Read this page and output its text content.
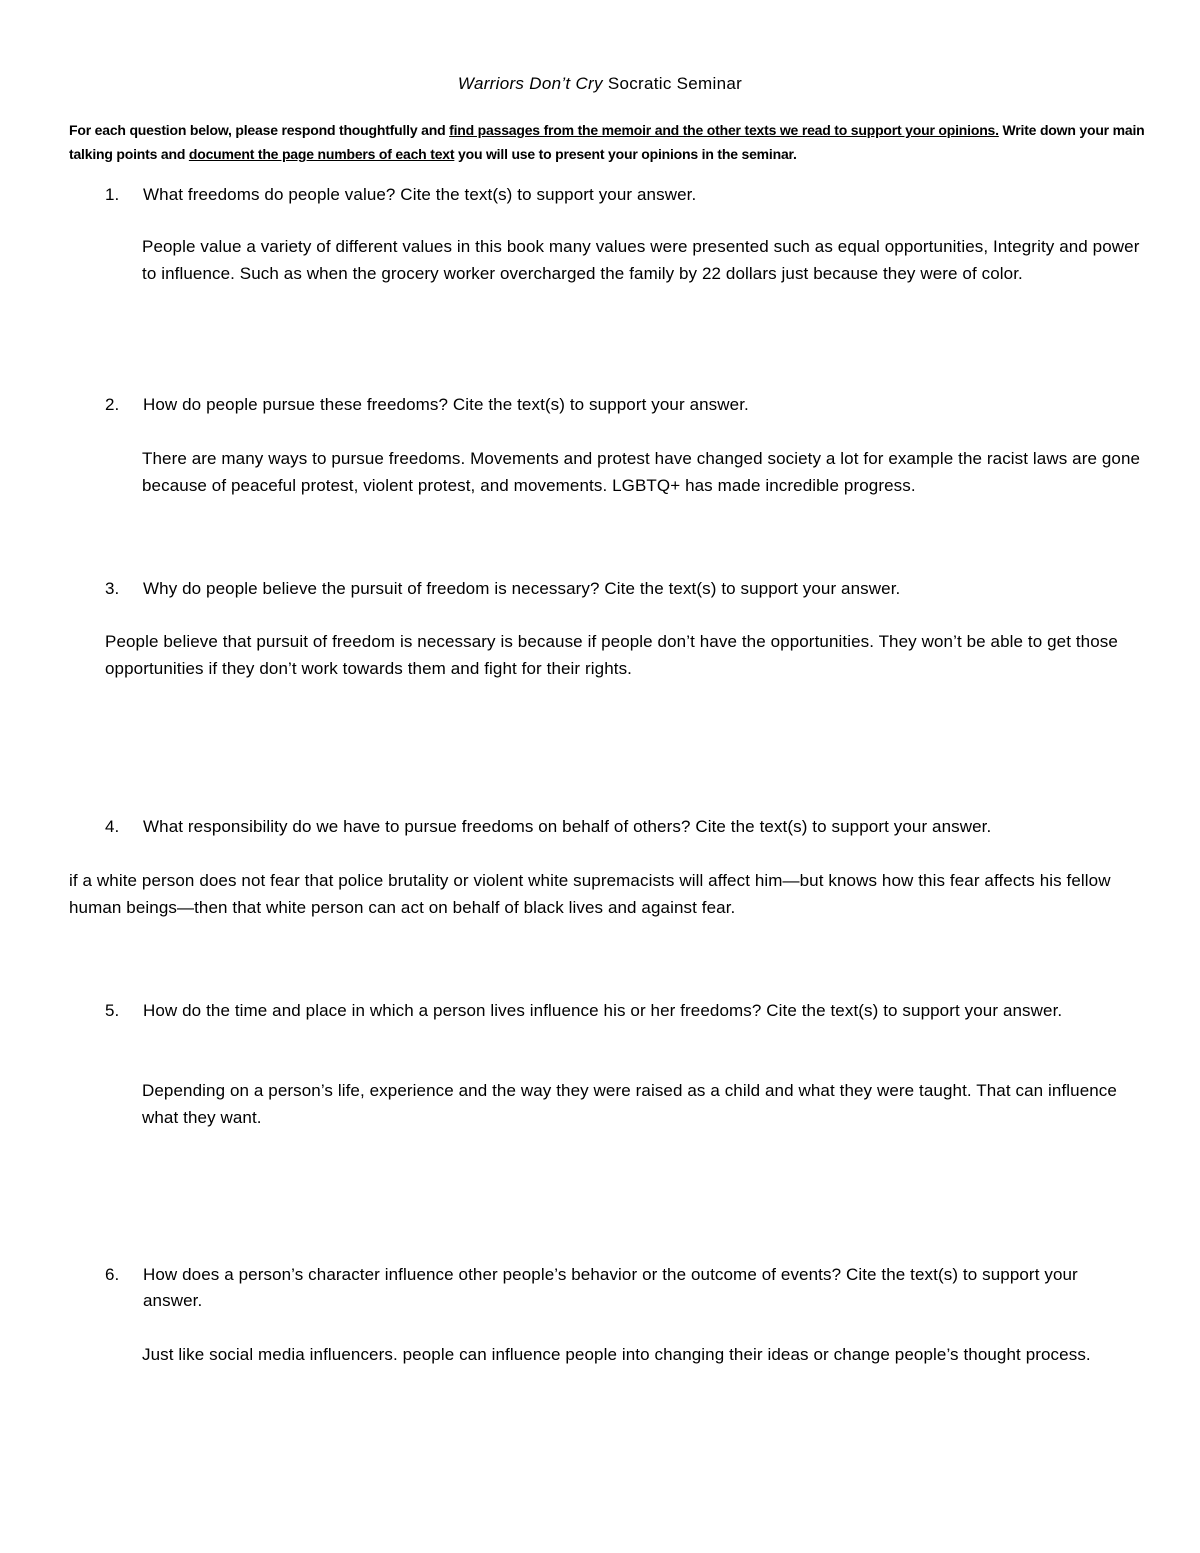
Warriors Don’t Cry Socratic Seminar
For each question below, please respond thoughtfully and find passages from the memoir and the other texts we read to support your opinions. Write down your main talking points and document the page numbers of each text you will use to present your opinions in the seminar.
1.	What freedoms do people value? Cite the text(s) to support your answer.
People value a variety of different values in this book many values were presented such as equal opportunities, Integrity and power to influence. Such as when the grocery worker overcharged the family by 22 dollars just because they were of color.
2.	How do people pursue these freedoms? Cite the text(s) to support your answer.
There are many ways to pursue freedoms. Movements and protest have changed society a lot for example the racist laws are gone because of peaceful protest, violent protest, and movements. LGBTQ+ has made incredible progress.
3.	Why do people believe the pursuit of freedom is necessary? Cite the text(s) to support your answer.
People believe that pursuit of freedom is necessary is because if people don’t have the opportunities. They won’t be able to get those opportunities if they don’t work towards them and fight for their rights.
4.	What responsibility do we have to pursue freedoms on behalf of others? Cite the text(s) to support your answer.
if a white person does not fear that police brutality or violent white supremacists will affect him—but knows how this fear affects his fellow human beings—then that white person can act on behalf of black lives and against fear.
5.	How do the time and place in which a person lives influence his or her freedoms? Cite the text(s) to support your answer.
Depending on a person’s life, experience and the way they were raised as a child and what they were taught. That can influence what they want.
6.	How does a person’s character influence other people’s behavior or the outcome of events? Cite the text(s) to support your answer.
Just like social media influencers. people can influence people into changing their ideas or change people’s thought process.
